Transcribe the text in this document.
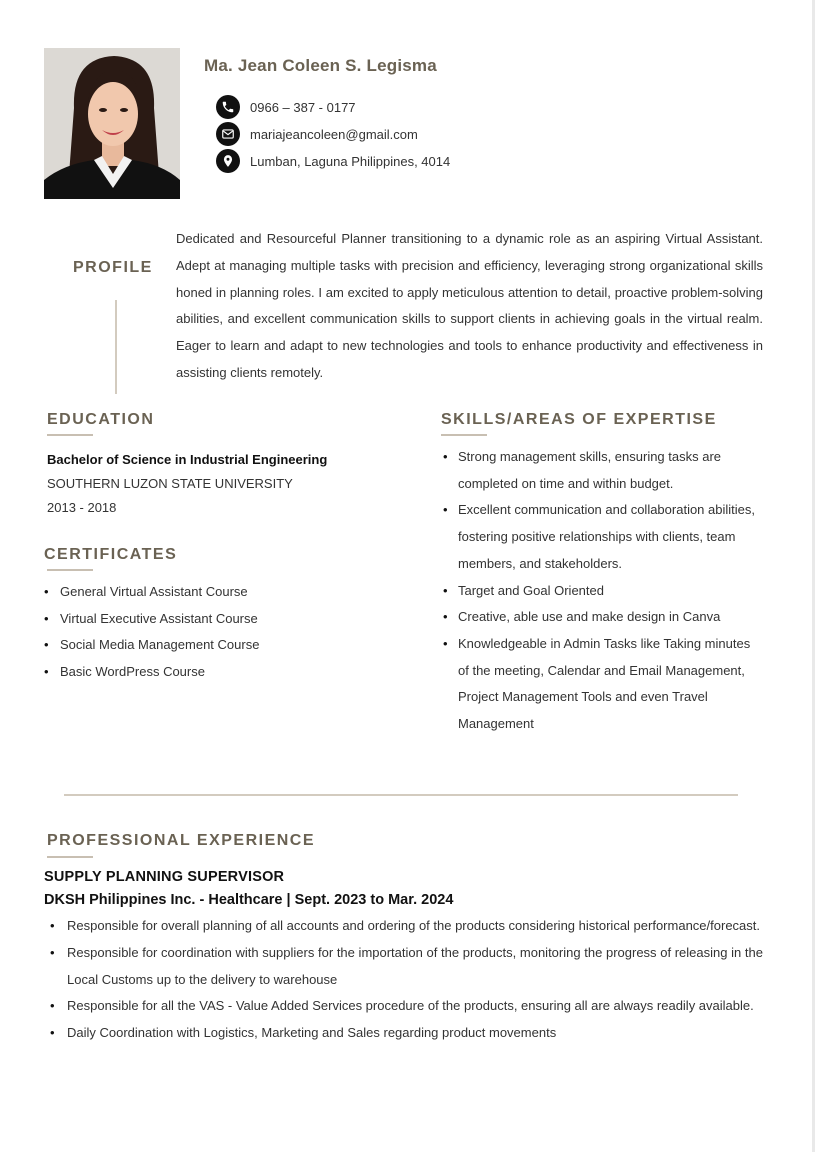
Ma. Jean Coleen S. Legisma
0966 – 387 - 0177
mariajeancoleen@gmail.com
Lumban, Laguna Philippines, 4014
PROFILE
Dedicated and Resourceful Planner transitioning to a dynamic role as an aspiring Virtual Assistant. Adept at managing multiple tasks with precision and efficiency, leveraging strong organizational skills honed in planning roles. I am excited to apply meticulous attention to detail, proactive problem-solving abilities, and excellent communication skills to support clients in achieving goals in the virtual realm. Eager to learn and adapt to new technologies and tools to enhance productivity and effectiveness in assisting clients remotely.
EDUCATION
Bachelor of Science in Industrial Engineering
SOUTHERN LUZON STATE UNIVERSITY
2013 - 2018
CERTIFICATES
• General Virtual Assistant Course
• Virtual Executive Assistant Course
• Social Media Management Course
• Basic WordPress Course
SKILLS/AREAS OF EXPERTISE
• Strong management skills, ensuring tasks are completed on time and within budget.
• Excellent communication and collaboration abilities, fostering positive relationships with clients, team members, and stakeholders.
• Target and Goal Oriented
• Creative, able use and make design in Canva
• Knowledgeable in Admin Tasks like Taking minutes of the meeting, Calendar and Email Management, Project Management Tools and even Travel Management
PROFESSIONAL EXPERIENCE
SUPPLY PLANNING SUPERVISOR
DKSH Philippines Inc. - Healthcare | Sept. 2023 to Mar. 2024
• Responsible for overall planning of all accounts and ordering of the products considering historical performance/forecast.
• Responsible for coordination with suppliers for the importation of the products, monitoring the progress of releasing in the Local Customs up to the delivery to warehouse
• Responsible for all the VAS - Value Added Services procedure of the products, ensuring all are always readily available.
• Daily Coordination with Logistics, Marketing and Sales regarding product movements
